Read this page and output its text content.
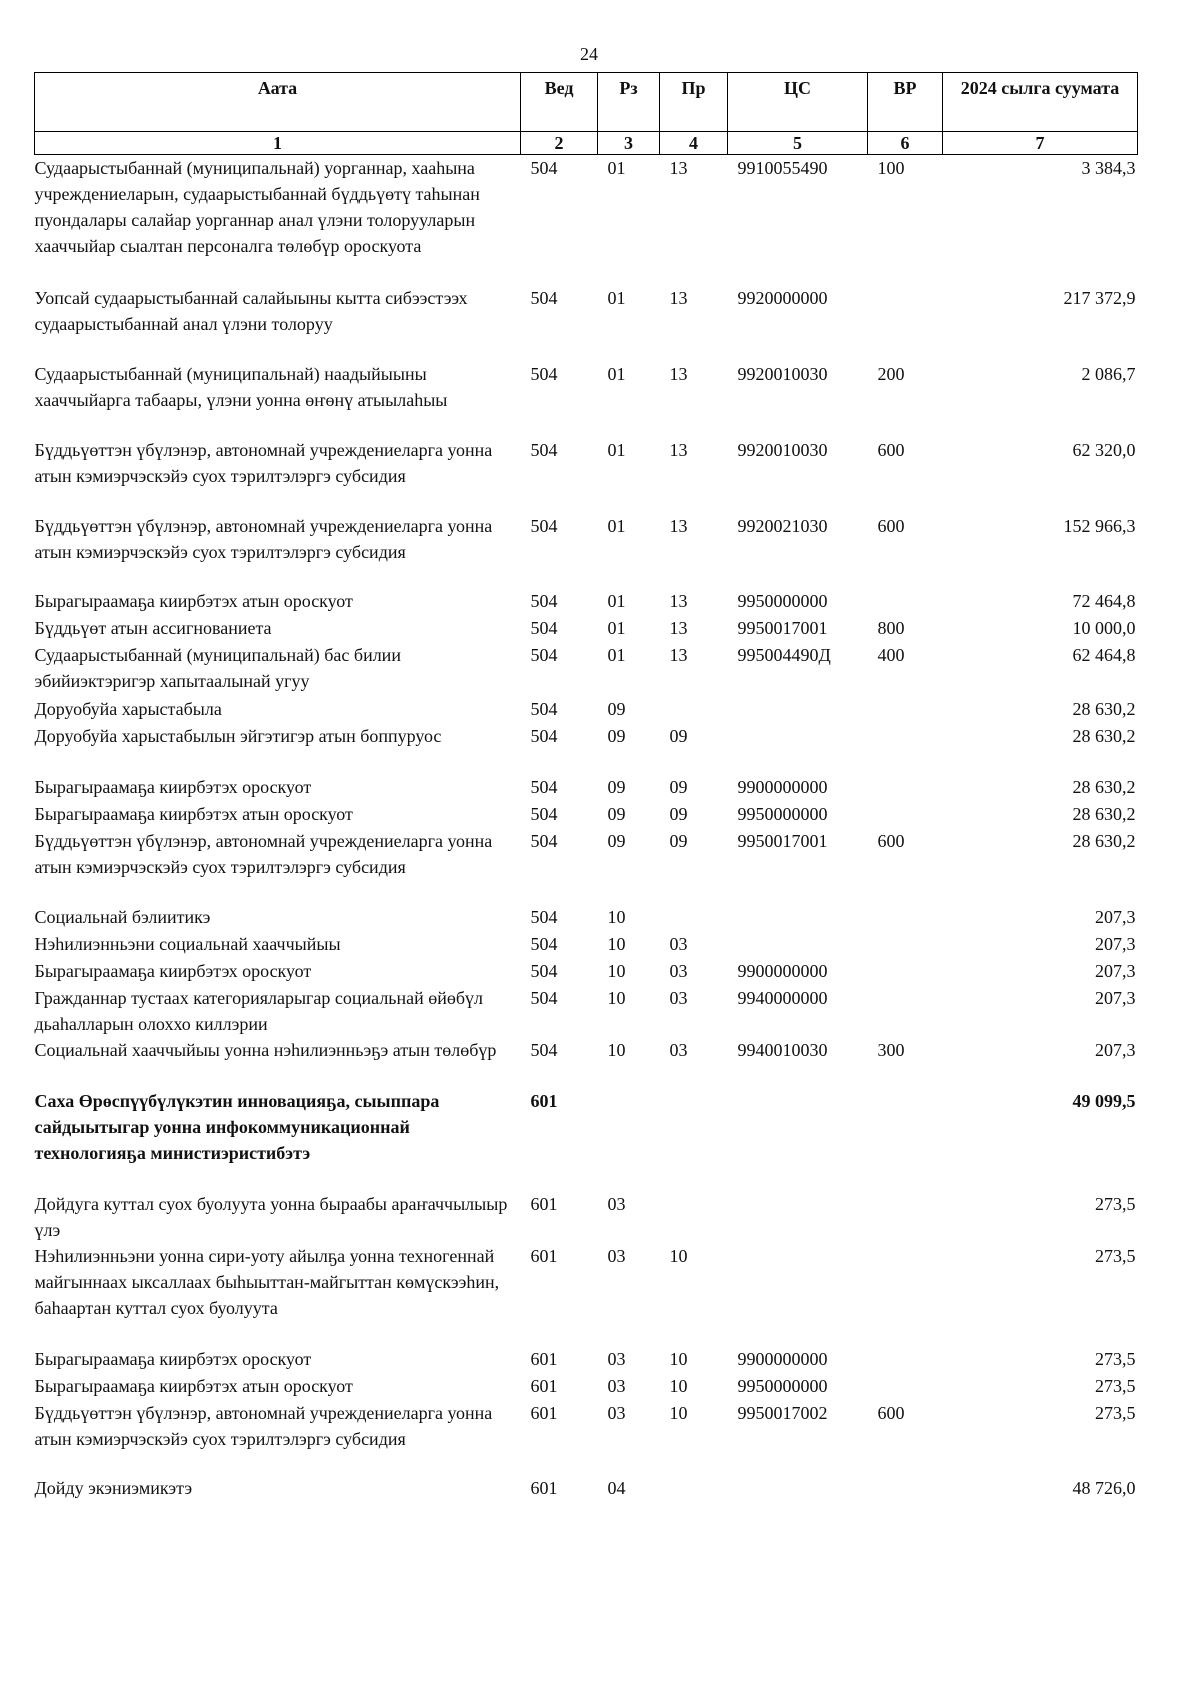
24
Аата	Вед	Рз	Пр	ЦС	ВР	2024 сылга суумата
1	2	3	4	5	6	7
Судаарыстыбаннай (муниципальнай) уорганнар, хааһына учреждениеларын, судаарыстыбаннай бүддьүөтү таһынан пуондалары салайар уорганнар анал үлэни толорууларын хааччыйар сыалтан персоналга төлөбүр ороскуота	504	01	13	9910055490	100	3 384,3
Уопсай судаарыстыбаннай салайыыны кытта сибээстээх судаарыстыбаннай анал үлэни толоруу	504	01	13	9920000000		217 372,9
Судаарыстыбаннай (муниципальнай) наадыйыыны хааччыйарга табаары, үлэни уонна өҥөнү атыылаһыы	504	01	13	9920010030	200	2 086,7
Бүддьүөттэн үбүлэнэр, автономнай учреждениеларга уонна атын кэмиэрчэскэйэ суох тэрилтэлэргэ субсидия	504	01	13	9920010030	600	62 320,0
Бүддьүөттэн үбүлэнэр, автономнай учреждениеларга уонна атын кэмиэрчэскэйэ суох тэрилтэлэргэ субсидия	504	01	13	9920021030	600	152 966,3
Бырагыраамаҕа киирбэтэх атын ороскуот	504	01	13	9950000000		72 464,8
Бүддьүөт атын ассигнованиета	504	01	13	9950017001	800	10 000,0
Судаарыстыбаннай (муниципальнай) бас билии эбийиэктэригэр хапытаалынай угуу	504	01	13	995004490Д	400	62 464,8
Доруобуйа харыстабыла	504	09				28 630,2
Доруобуйа харыстабылын эйгэтигэр атын боппуруос	504	09	09			28 630,2
Бырагыраамаҕа киирбэтэх ороскуот	504	09	09	9900000000		28 630,2
Бырагыраамаҕа киирбэтэх атын ороскуот	504	09	09	9950000000		28 630,2
Бүддьүөттэн үбүлэнэр, автономнай учреждениеларга уонна атын кэмиэрчэскэйэ суох тэрилтэлэргэ субсидия	504	09	09	9950017001	600	28 630,2
Социальнай бэлиитикэ	504	10				207,3
Нэһилиэнньэни социальнай хааччыйыы	504	10	03			207,3
Бырагыраамаҕа киирбэтэх ороскуот	504	10	03	9900000000		207,3
Гражданнар тустаах категорияларыгар социальнай өйөбүл дьаһалларын олоххо киллэрии	504	10	03	9940000000		207,3
Социальнай хааччыйыы уонна нэһилиэнньэҕэ атын төлөбүр	504	10	03	9940010030	300	207,3
Саха Өрөспүүбүлүкэтин инновацияҕа, сыыппара сайдыытыгар уонна инфокоммуникационнай технологияҕа министиэристибэтэ	601					49 099,5
Дойдуга куттал суох буолуута уонна быраабы араҥаччылыыр үлэ	601	03				273,5
Нэһилиэнньэни уонна сири-уоту айылҕа уонна техногеннай майгыннаах ыксаллаах быһыыттан-майгыттан көмүскээһин, баһаартан куттал суох буолуута	601	03	10			273,5
Бырагыраамаҕа киирбэтэх ороскуот	601	03	10	9900000000		273,5
Бырагыраамаҕа киирбэтэх атын ороскуот	601	03	10	9950000000		273,5
Бүддьүөттэн үбүлэнэр, автономнай учреждениеларга уонна атын кэмиэрчэскэйэ суох тэрилтэлэргэ субсидия	601	03	10	9950017002	600	273,5
Дойду экэниэмикэтэ	601	04				48 726,0
